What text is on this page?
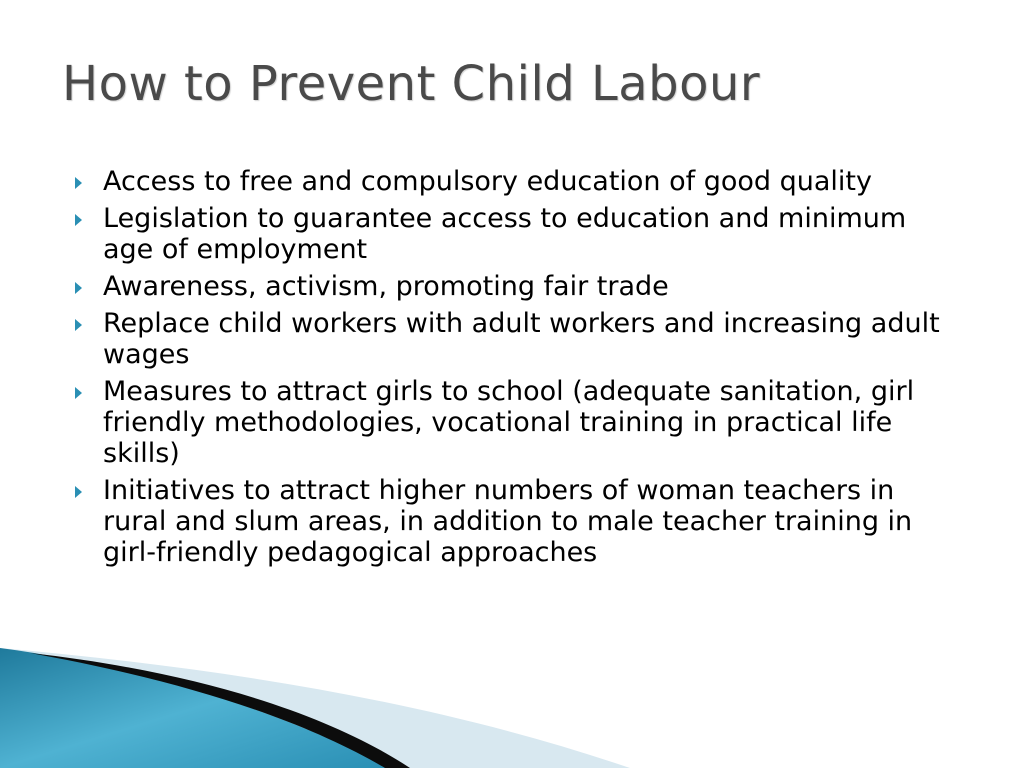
How to Prevent Child Labour
Access to free and compulsory education of good quality
Legislation to guarantee access to education and minimum age of employment
Awareness, activism, promoting fair trade
Replace child workers with adult workers and increasing adult wages
Measures to attract girls to school (adequate sanitation, girl friendly methodologies, vocational training in practical life skills)
Initiatives to attract higher numbers of woman teachers in rural and slum areas, in addition to male teacher training in girl-friendly pedagogical approaches
